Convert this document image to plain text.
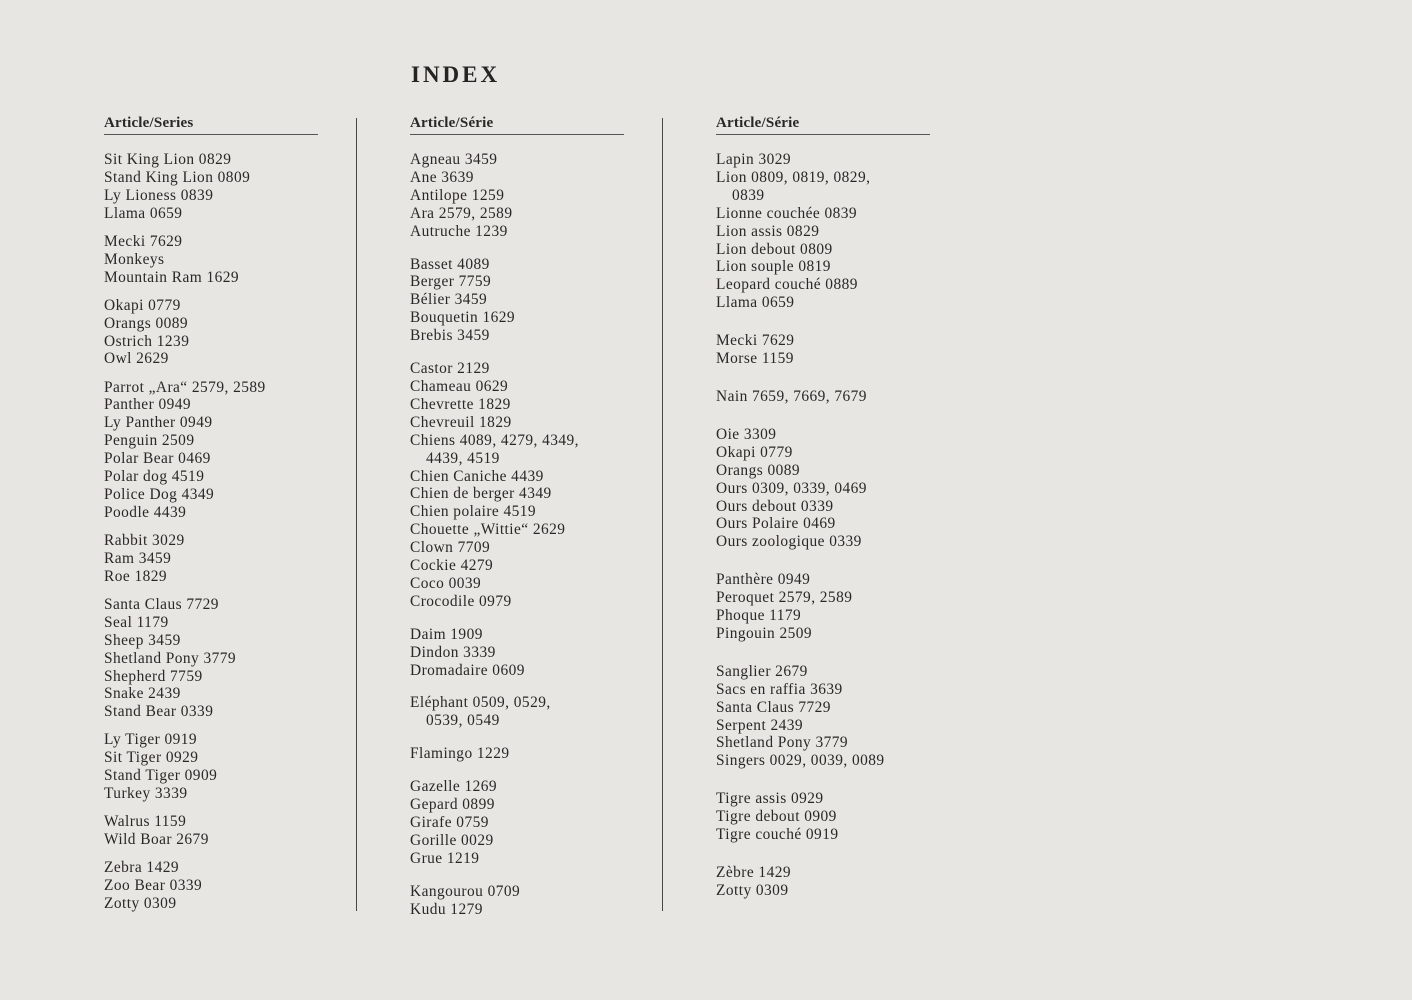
INDEX
Article/Series
Sit King Lion 0829
Stand King Lion 0809
Ly Lioness 0839
Llama 0659
Mecki 7629
Monkeys
Mountain Ram 1629
Okapi 0779
Orangs 0089
Ostrich 1239
Owl 2629
Parrot „Ara“ 2579, 2589
Panther 0949
Ly Panther 0949
Penguin 2509
Polar Bear 0469
Polar dog 4519
Police Dog 4349
Poodle 4439
Rabbit 3029
Ram 3459
Roe 1829
Santa Claus 7729
Seal 1179
Sheep 3459
Shetland Pony 3779
Shepherd 7759
Snake 2439
Stand Bear 0339
Ly Tiger 0919
Sit Tiger 0929
Stand Tiger 0909
Turkey 3339
Walrus 1159
Wild Boar 2679
Zebra 1429
Zoo Bear 0339
Zotty 0309
Article/Série
Agneau 3459
Ane 3639
Antilope 1259
Ara 2579, 2589
Autruche 1239
Basset 4089
Berger 7759
Bélier 3459
Bouquetin 1629
Brebis 3459
Castor 2129
Chameau 0629
Chevrette 1829
Chevreuil 1829
Chiens 4089, 4279, 4349,
4439, 4519
Chien Caniche 4439
Chien de berger 4349
Chien polaire 4519
Chouette „Wittie“ 2629
Clown 7709
Cockie 4279
Coco 0039
Crocodile 0979
Daim 1909
Dindon 3339
Dromadaire 0609
Eléphant 0509, 0529,
0539, 0549
Flamingo 1229
Gazelle 1269
Gepard 0899
Girafe 0759
Gorille 0029
Grue 1219
Kangourou 0709
Kudu 1279
Article/Série
Lapin 3029
Lion 0809, 0819, 0829,
0839
Lionne couchée 0839
Lion assis 0829
Lion debout 0809
Lion souple 0819
Leopard couché 0889
Llama 0659
Mecki 7629
Morse 1159
Nain 7659, 7669, 7679
Oie 3309
Okapi 0779
Orangs 0089
Ours 0309, 0339, 0469
Ours debout 0339
Ours Polaire 0469
Ours zoologique 0339
Panthère 0949
Peroquet 2579, 2589
Phoque 1179
Pingouin 2509
Sanglier 2679
Sacs en raffia 3639
Santa Claus 7729
Serpent 2439
Shetland Pony 3779
Singers 0029, 0039, 0089
Tigre assis 0929
Tigre debout 0909
Tigre couché 0919
Zèbre 1429
Zotty 0309
